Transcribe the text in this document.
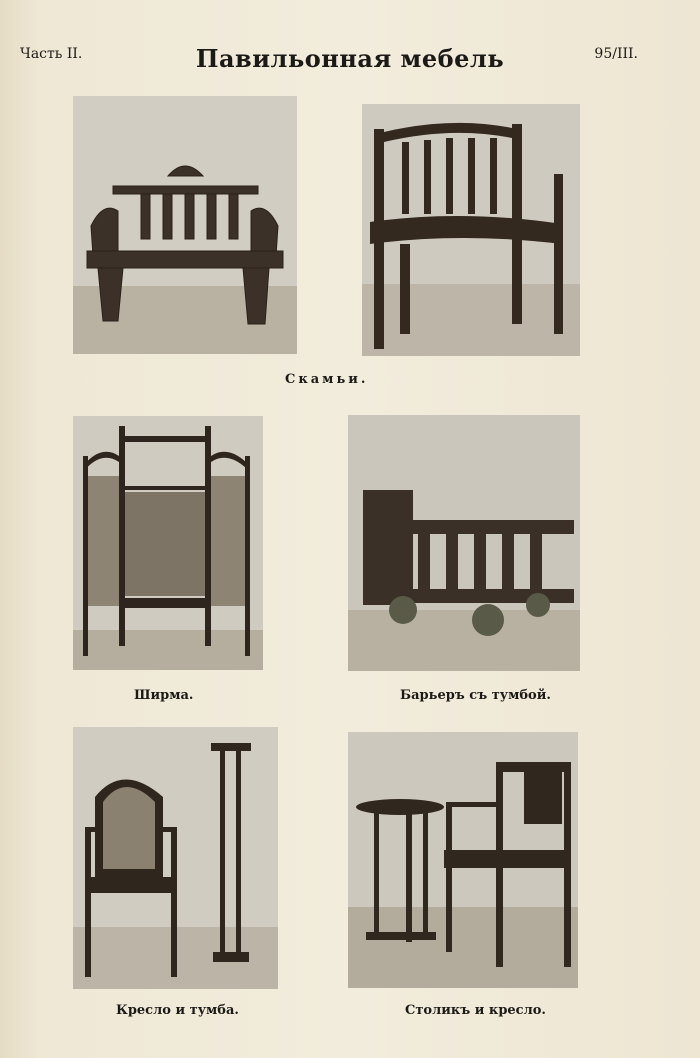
Часть II.	Павильонная мебель	95/III.
Скамьи.
Ширма.	Барьеръ съ тумбой.
Кресло и тумба.	Столикъ и кресло.
